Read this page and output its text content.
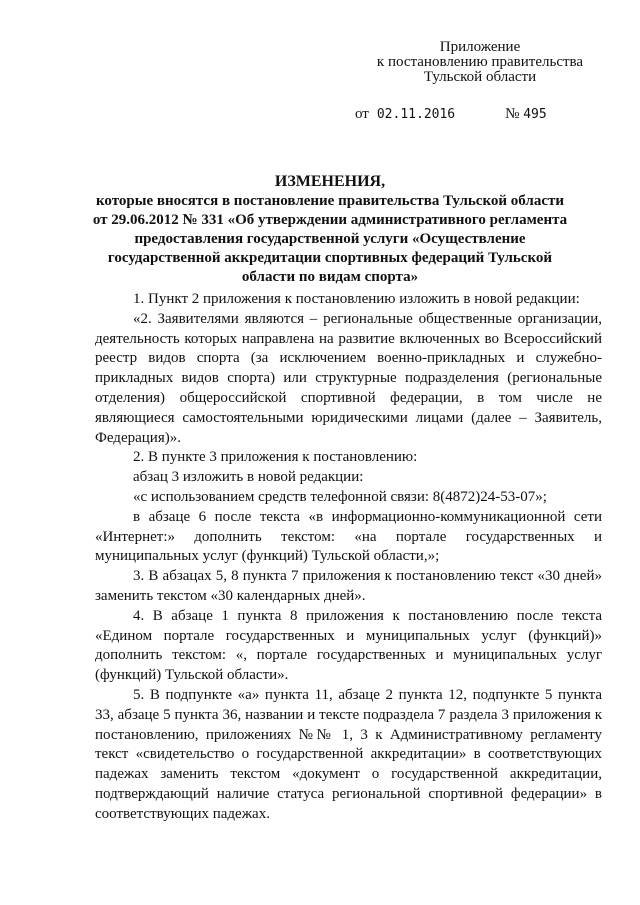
Приложение
к постановлению правительства
Тульской области
от 02.11.2016	№ 495
ИЗМЕНЕНИЯ,
которые вносятся в постановление правительства Тульской области от 29.06.2012 № 331 «Об утверждении административного регламента предоставления государственной услуги «Осуществление государственной аккредитации спортивных федераций Тульской области по видам спорта»

1. Пункт 2 приложения к постановлению изложить в новой редакции:

«2. Заявителями являются – региональные общественные организации, деятельность которых направлена на развитие включенных во Всероссийский реестр видов спорта (за исключением военно-прикладных и служебно-прикладных видов спорта) или структурные подразделения (региональные отделения) общероссийской спортивной федерации, в том числе не являющиеся самостоятельными юридическими лицами (далее – Заявитель, Федерация)».

2. В пункте 3 приложения к постановлению:

абзац 3 изложить в новой редакции:

«с использованием средств телефонной связи: 8(4872)24-53-07»;

в абзаце 6 после текста «в информационно-коммуникационной сети «Интернет:» дополнить текстом: «на портале государственных и муниципальных услуг (функций) Тульской области,»;

3. В абзацах 5, 8 пункта 7 приложения к постановлению текст «30 дней» заменить текстом «30 календарных дней».

4. В абзаце 1 пункта 8 приложения к постановлению после текста «Едином портале государственных и муниципальных услуг (функций)» дополнить текстом: «, портале государственных и муниципальных услуг (функций) Тульской области».

5. В подпункте «а» пункта 11, абзаце 2 пункта 12, подпункте 5 пункта 33, абзаце 5 пункта 36, названии и тексте подраздела 7 раздела 3 приложения к постановлению, приложениях №№ 1, 3 к Административному регламенту текст «свидетельство о государственной аккредитации» в соответствующих падежах заменить текстом «документ о государственной аккредитации, подтверждающий наличие статуса региональной спортивной федерации» в соответствующих падежах.
